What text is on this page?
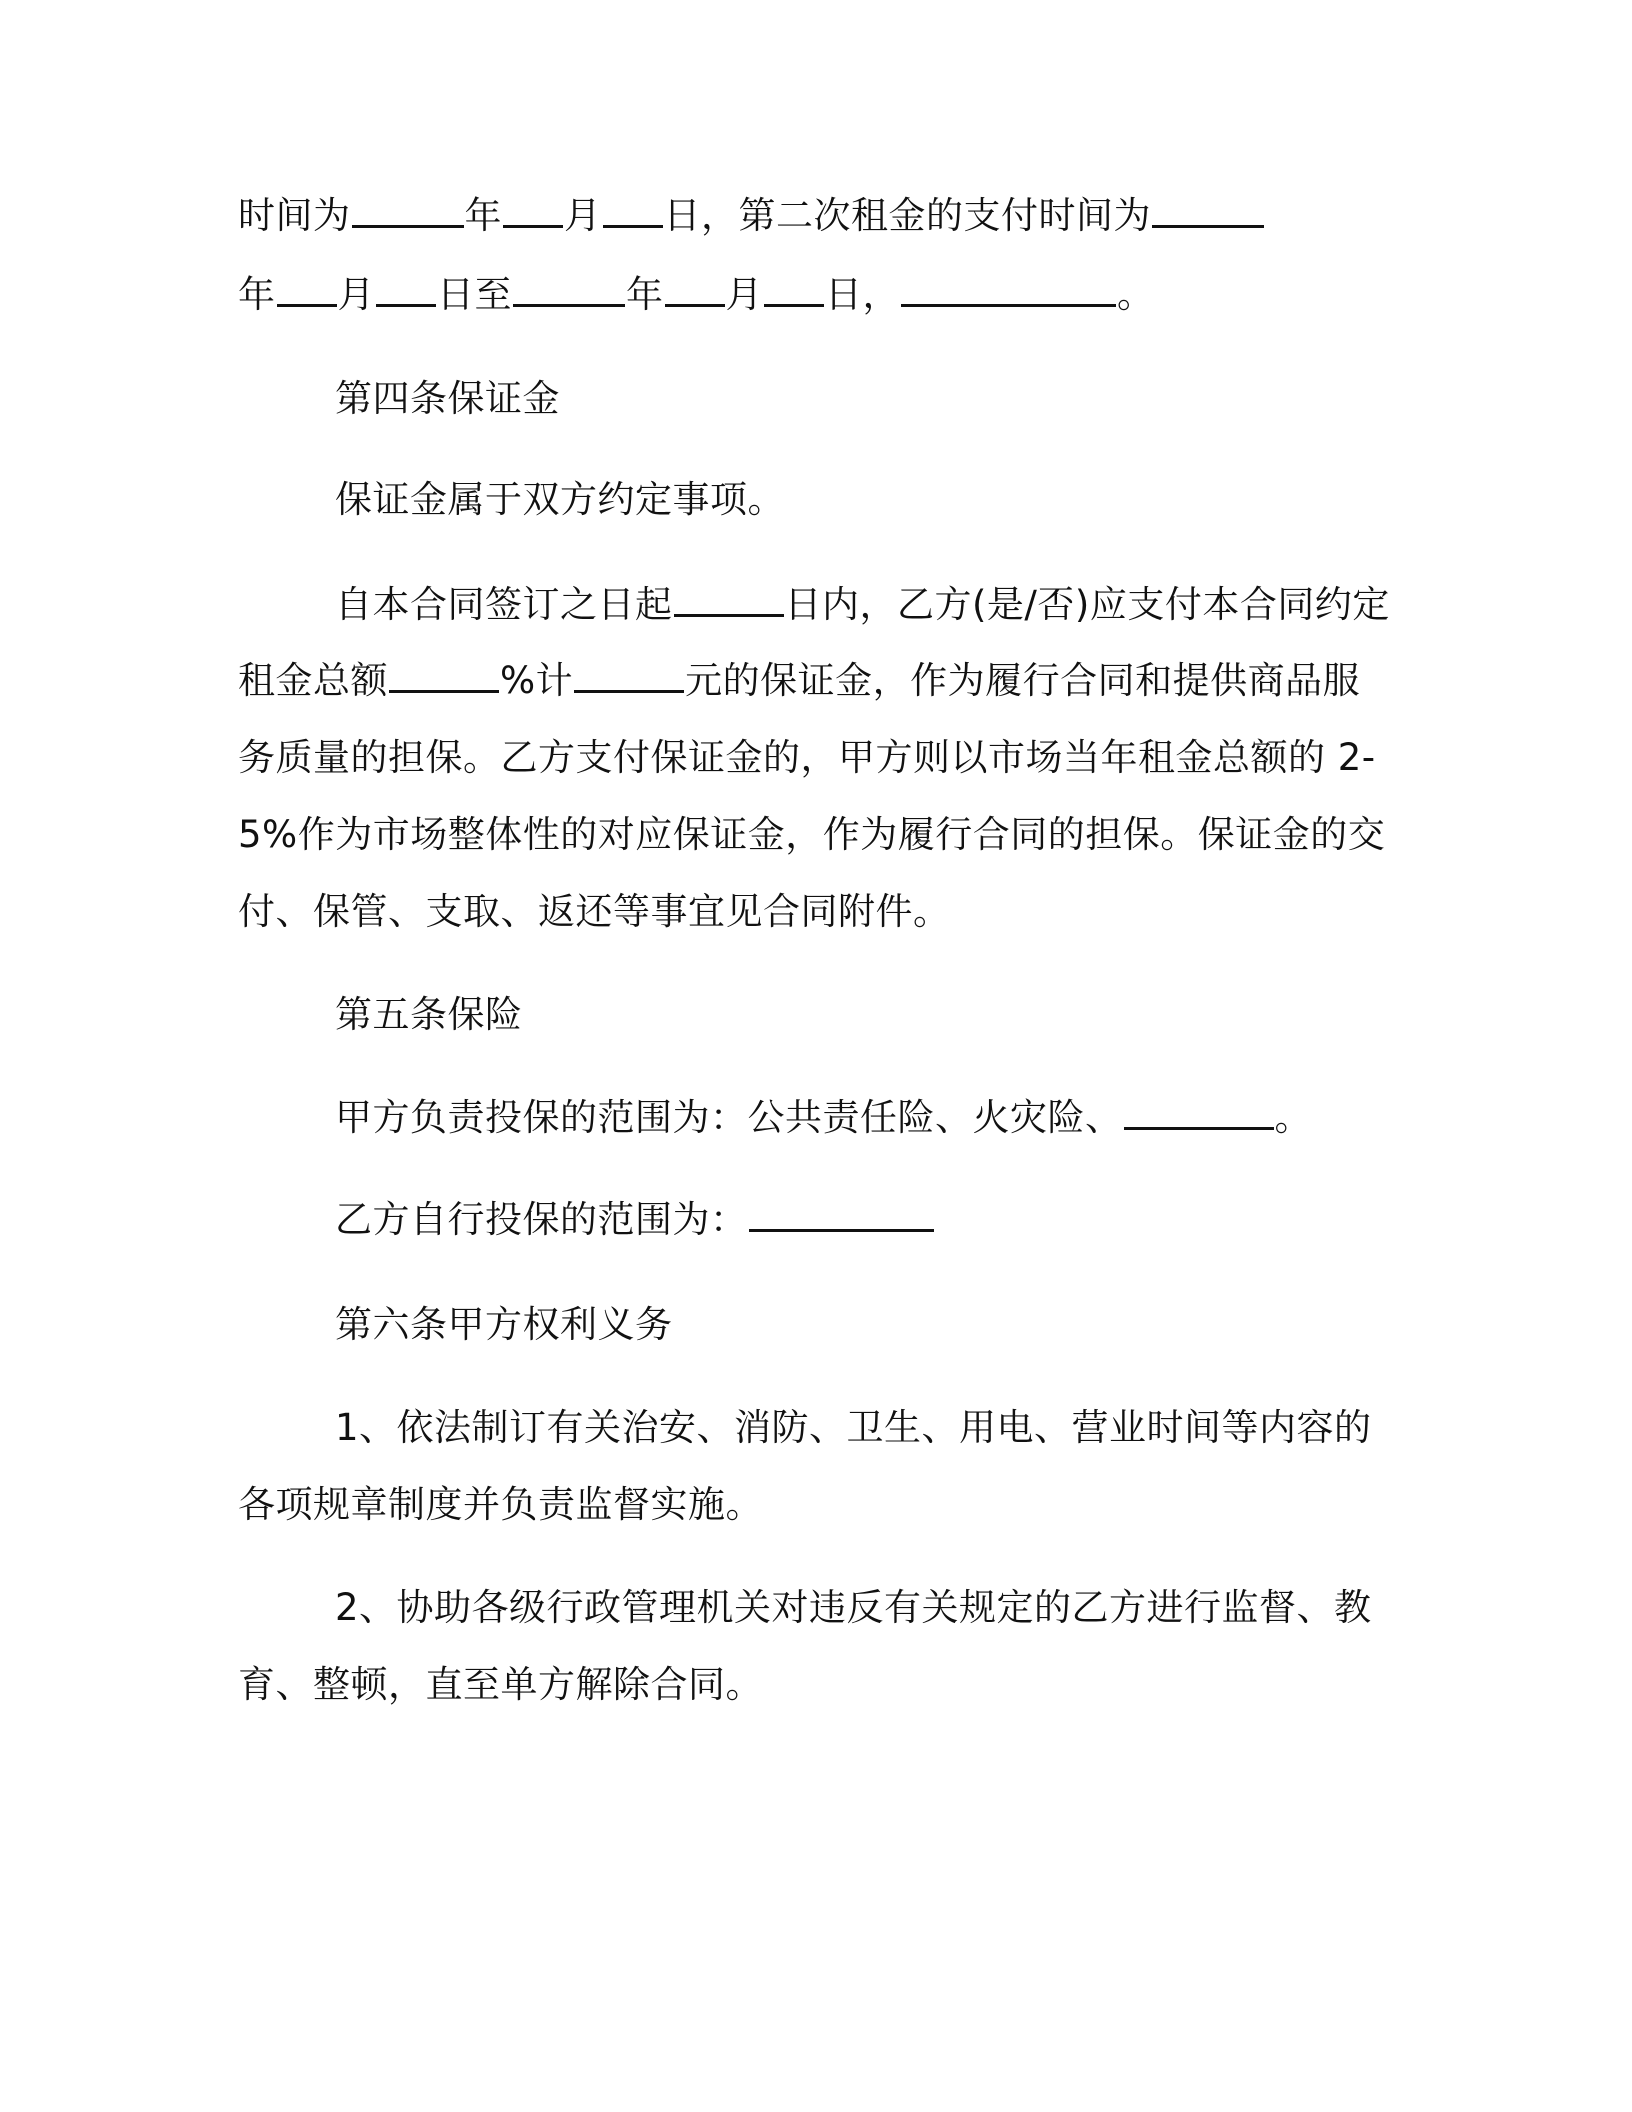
时间为	年 月 日，第二次租金的支付时间为
年 月 日至	年 月 日，	。
第四条保证金
保证金属于双方约定事项。
自本合同签订之日起	日内，乙方(是/否)应支付本合同约定
租金总额	%计	元的保证金，作为履行合同和提供商品服
务质量的担保。乙方支付保证金的，甲方则以市场当年租金总额的 2-
5%作为市场整体性的对应保证金，作为履行合同的担保。保证金的交
付、保管、支取、返还等事宜见合同附件。
第五条保险
甲方负责投保的范围为：公共责任险、火灾险、	。
乙方自行投保的范围为：
第六条甲方权利义务
1、依法制订有关治安、消防、卫生、用电、营业时间等内容的
各项规章制度并负责监督实施。
2、协助各级行政管理机关对违反有关规定的乙方进行监督、教
育、整顿，直至单方解除合同。
